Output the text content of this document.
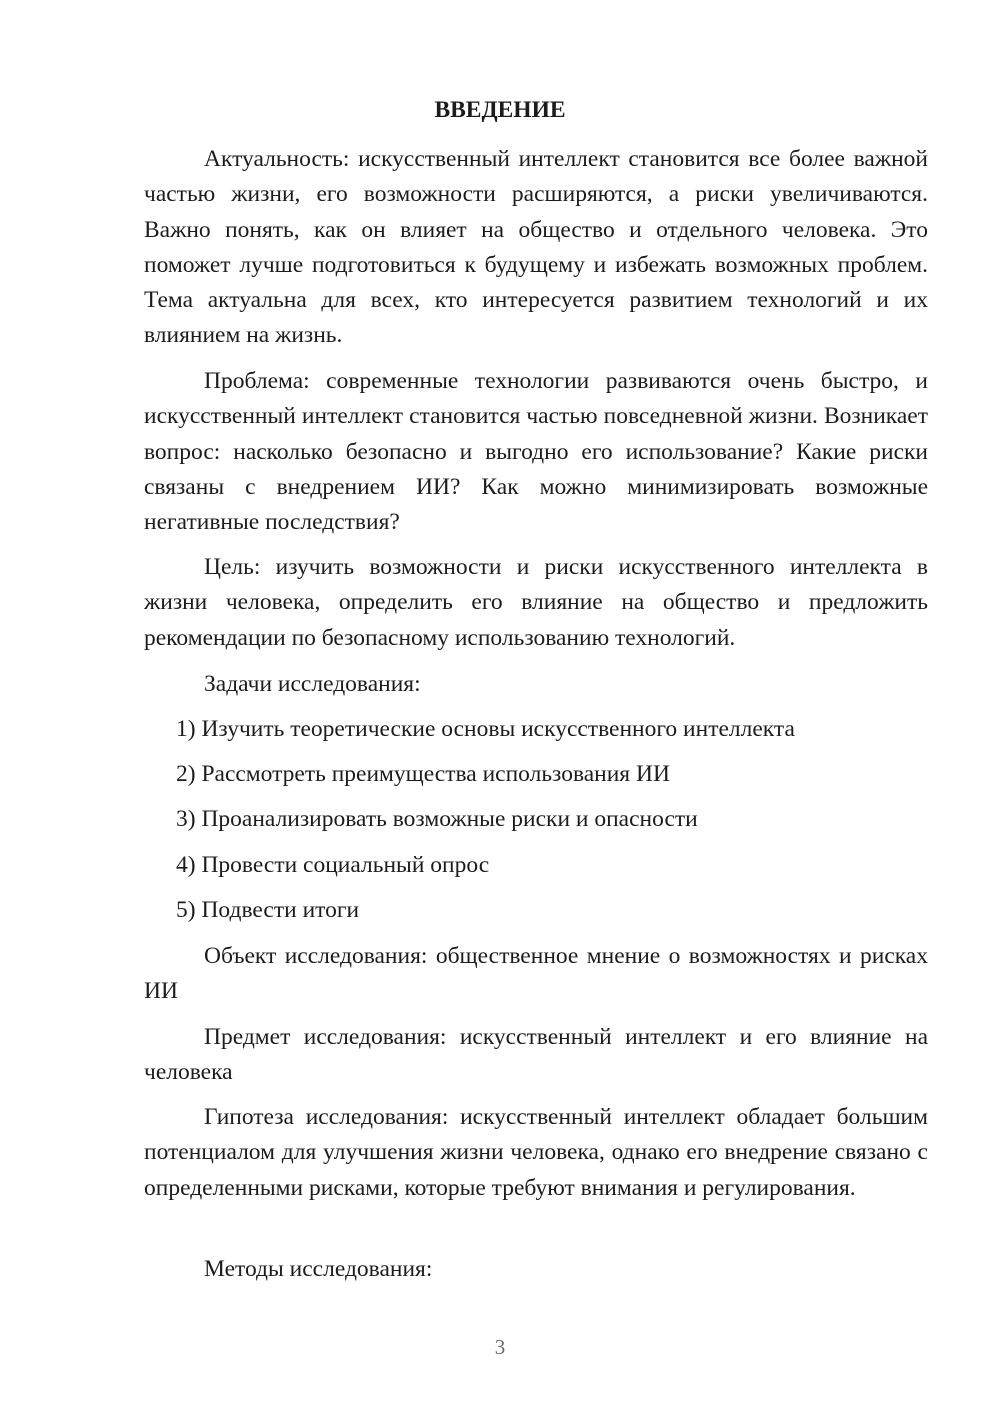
ВВЕДЕНИЕ

Актуальность: искусственный интеллект становится все более важной частью жизни, его возможности расширяются, а риски увеличиваются. Важно понять, как он влияет на общество и отдельного человека. Это поможет лучше подготовиться к будущему и избежать возможных проблем. Тема актуальна для всех, кто интересуется развитием технологий и их влиянием на жизнь.

Проблема: современные технологии развиваются очень быстро, и искусственный интеллект становится частью повседневной жизни. Возникает вопрос: насколько безопасно и выгодно его использование? Какие риски связаны с внедрением ИИ? Как можно минимизировать возможные негативные последствия?

Цель: изучить возможности и риски искусственного интеллекта в жизни человека, определить его влияние на общество и предложить рекомендации по безопасному использованию технологий.

Задачи исследования:

1) Изучить теоретические основы искусственного интеллекта

2) Рассмотреть преимущества использования ИИ

3) Проанализировать возможные риски и опасности

4) Провести социальный опрос

5) Подвести итоги

Объект исследования: общественное мнение о возможностях и рисках ИИ

Предмет исследования: искусственный интеллект и его влияние на человека

Гипотеза исследования: искусственный интеллект обладает большим потенциалом для улучшения жизни человека, однако его внедрение связано с определенными рисками, которые требуют внимания и регулирования.

Методы исследования:

3
